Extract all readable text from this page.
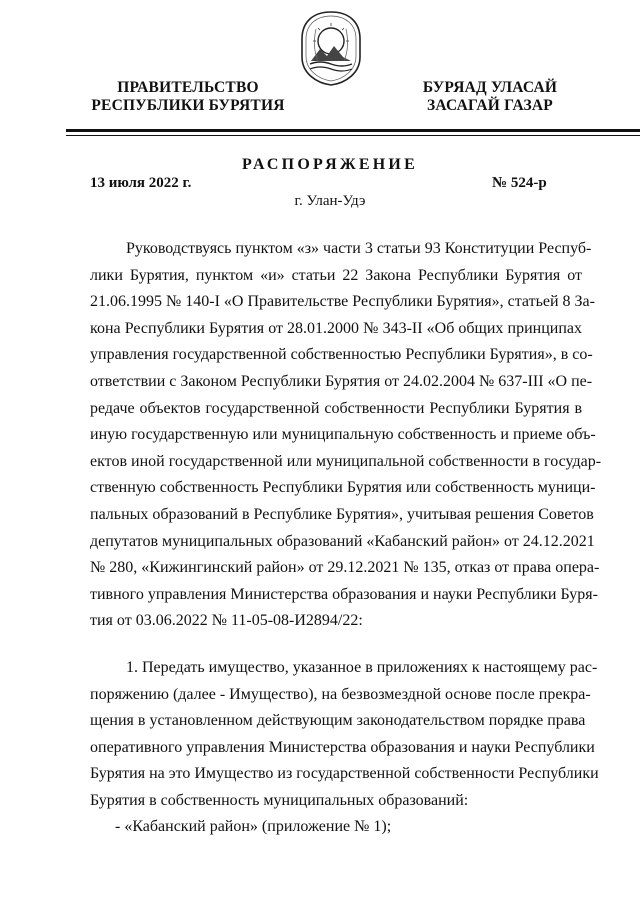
ПРАВИТЕЛЬСТВО
РЕСПУБЛИКИ БУРЯТИЯ
БУРЯАД УЛАСАЙ
ЗАСАГАЙ ГАЗАР
РАСПОРЯЖЕНИЕ
13 июля 2022 г.	№ 524-р
г. Улан-Удэ
Руководствуясь пунктом «з» части 3 статьи 93 Конституции Респуб-
лики Бурятия, пунктом «и» статьи 22 Закона Республики Бурятия от
21.06.1995 № 140-I «О Правительстве Республики Бурятия», статьей 8 За-
кона Республики Бурятия от 28.01.2000 № 343-II «Об общих принципах
управления государственной собственностью Республики Бурятия», в со-
ответствии с Законом Республики Бурятия от 24.02.2004 № 637-III «О пе-
редаче объектов государственной собственности Республики Бурятия в
иную государственную или муниципальную собственность и приеме объ-
ектов иной государственной или муниципальной собственности в государ-
ственную собственность Республики Бурятия или собственность муници-
пальных образований в Республике Бурятия», учитывая решения Советов
депутатов муниципальных образований «Кабанский район» от 24.12.2021
№ 280, «Кижингинский район» от 29.12.2021 № 135, отказ от права опера-
тивного управления Министерства образования и науки Республики Буря-
тия от 03.06.2022 № 11-05-08-И2894/22:
1. Передать имущество, указанное в приложениях к настоящему рас-
поряжению (далее - Имущество), на безвозмездной основе после прекра-
щения в установленном действующим законодательством порядке права
оперативного управления Министерства образования и науки Республики
Бурятия на это Имущество из государственной собственности Республики
Бурятия в собственность муниципальных образований:
- «Кабанский район» (приложение № 1);
